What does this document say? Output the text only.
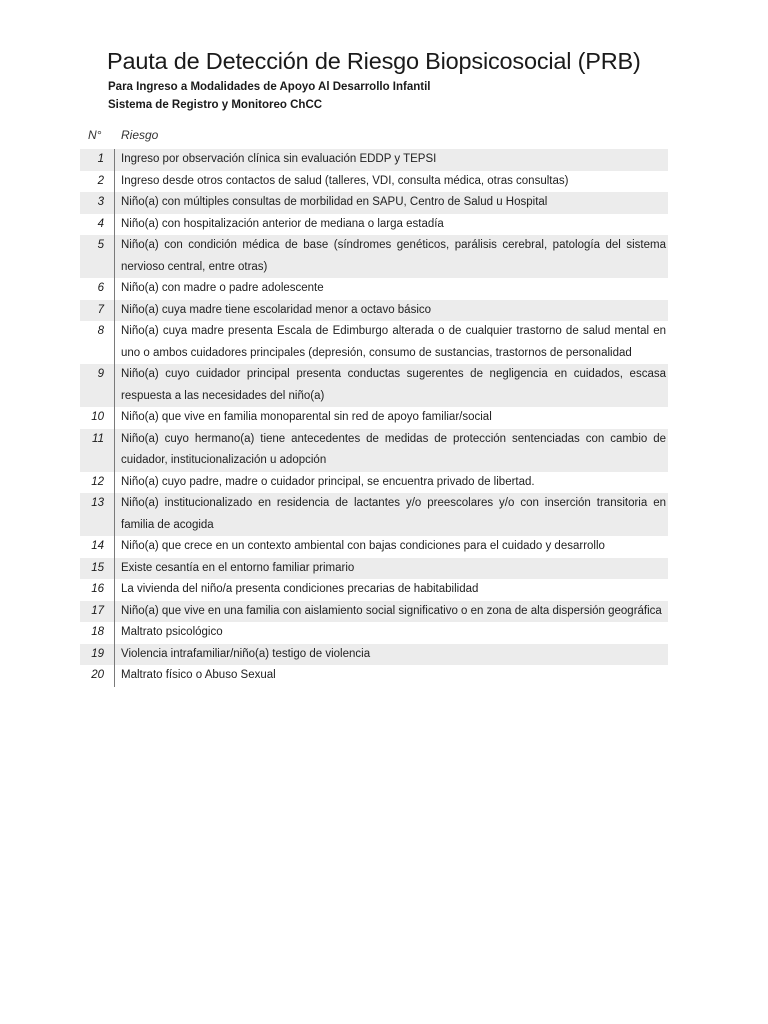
Pauta de Detección de Riesgo Biopsicosocial (PRB)
Para Ingreso a Modalidades de Apoyo Al Desarrollo Infantil
Sistema de Registro y Monitoreo ChCC
N° Riesgo
1	Ingreso por observación clínica sin evaluación EDDP y TEPSI
2	Ingreso desde otros contactos de salud (talleres, VDI, consulta médica, otras consultas)
3	Niño(a) con múltiples consultas de morbilidad en SAPU, Centro de Salud u Hospital
4	Niño(a) con hospitalización anterior de mediana o larga estadía
5	Niño(a) con condición médica de base (síndromes genéticos, parálisis cerebral, patología del sistema nervioso central, entre otras)
6	Niño(a) con madre o padre adolescente
7	Niño(a) cuya madre tiene escolaridad menor a octavo básico
8	Niño(a) cuya madre presenta Escala de Edimburgo alterada o de cualquier trastorno de salud mental en uno o ambos cuidadores principales (depresión, consumo de sustancias, trastornos de personalidad
9	Niño(a) cuyo cuidador principal presenta conductas sugerentes de negligencia en cuidados, escasa respuesta a las necesidades del niño(a)
10	Niño(a) que vive en familia monoparental sin red de apoyo familiar/social
11	Niño(a) cuyo hermano(a) tiene antecedentes de medidas de protección sentenciadas con cambio de cuidador, institucionalización u adopción
12	Niño(a) cuyo padre, madre o cuidador principal, se encuentra privado de libertad.
13	Niño(a) institucionalizado en residencia de lactantes y/o preescolares y/o con inserción transitoria en familia de acogida
14	Niño(a) que crece en un contexto ambiental con bajas condiciones para el cuidado y desarrollo
15	Existe cesantía en el entorno familiar primario
16	La vivienda del niño/a presenta condiciones precarias de habitabilidad
17	Niño(a) que vive en una familia con aislamiento social significativo o en zona de alta dispersión geográfica
18	Maltrato psicológico
19	Violencia intrafamiliar/niño(a) testigo de violencia
20	Maltrato físico o Abuso Sexual
